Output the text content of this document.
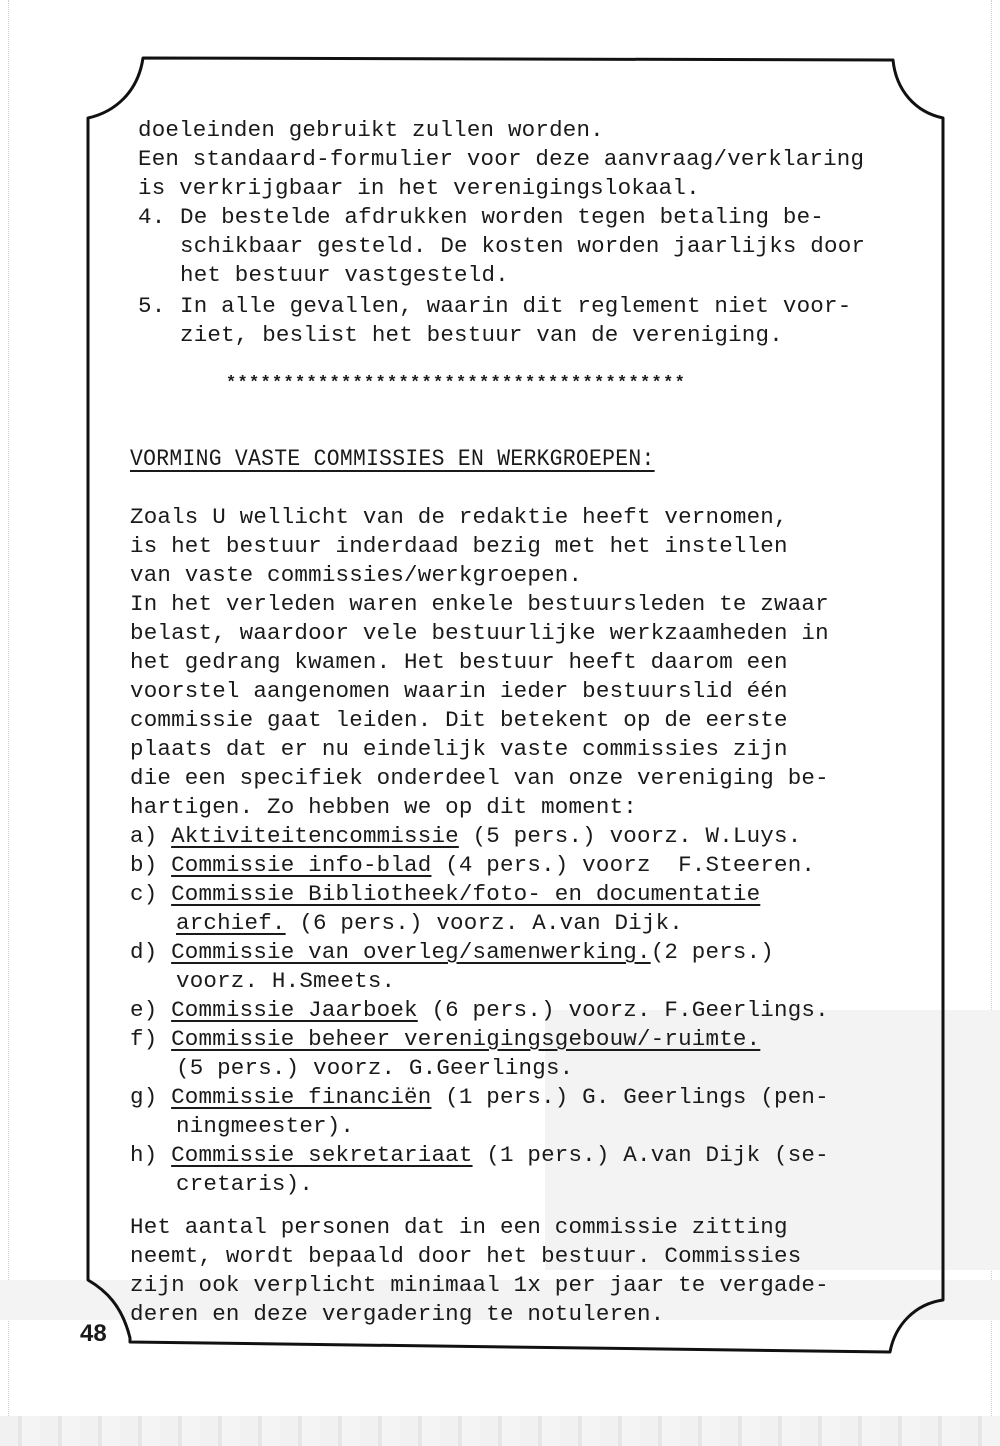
doeleinden gebruikt zullen worden.
Een standaard-formulier voor deze aanvraag/verklaring
is verkrijgbaar in het verenigingslokaal.
4. De bestelde afdrukken worden tegen betaling be-
schikbaar gesteld. De kosten worden jaarlijks door
het bestuur vastgesteld.
5. In alle gevallen, waarin dit reglement niet voor-
ziet, beslist het bestuur van de vereniging.
****************************************
VORMING VASTE COMMISSIES EN WERKGROEPEN:
Zoals U wellicht van de redaktie heeft vernomen,
is het bestuur inderdaad bezig met het instellen
van vaste commissies/werkgroepen.
In het verleden waren enkele bestuursleden te zwaar
belast, waardoor vele bestuurlijke werkzaamheden in
het gedrang kwamen. Het bestuur heeft daarom een
voorstel aangenomen waarin ieder bestuurslid één
commissie gaat leiden. Dit betekent op de eerste
plaats dat er nu eindelijk vaste commissies zijn
die een specifiek onderdeel van onze vereniging be-
hartigen. Zo hebben we op dit moment:
a) Aktiviteitencommissie (5 pers.) voorz. W.Luys.
b) Commissie info-blad (4 pers.) voorz  F.Steeren.
c) Commissie Bibliotheek/foto- en documentatie
archief. (6 pers.) voorz. A.van Dijk.
d) Commissie van overleg/samenwerking.(2 pers.)
voorz. H.Smeets.
e) Commissie Jaarboek (6 pers.) voorz. F.Geerlings.
f) Commissie beheer verenigingsgebouw/-ruimte.
(5 pers.) voorz. G.Geerlings.
g) Commissie financiën (1 pers.) G. Geerlings (pen-
ningmeester).
h) Commissie sekretariaat (1 pers.) A.van Dijk (se-
cretaris).
Het aantal personen dat in een commissie zitting
neemt, wordt bepaald door het bestuur. Commissies
zijn ook verplicht minimaal 1x per jaar te vergade-
deren en deze vergadering te notuleren.
48
